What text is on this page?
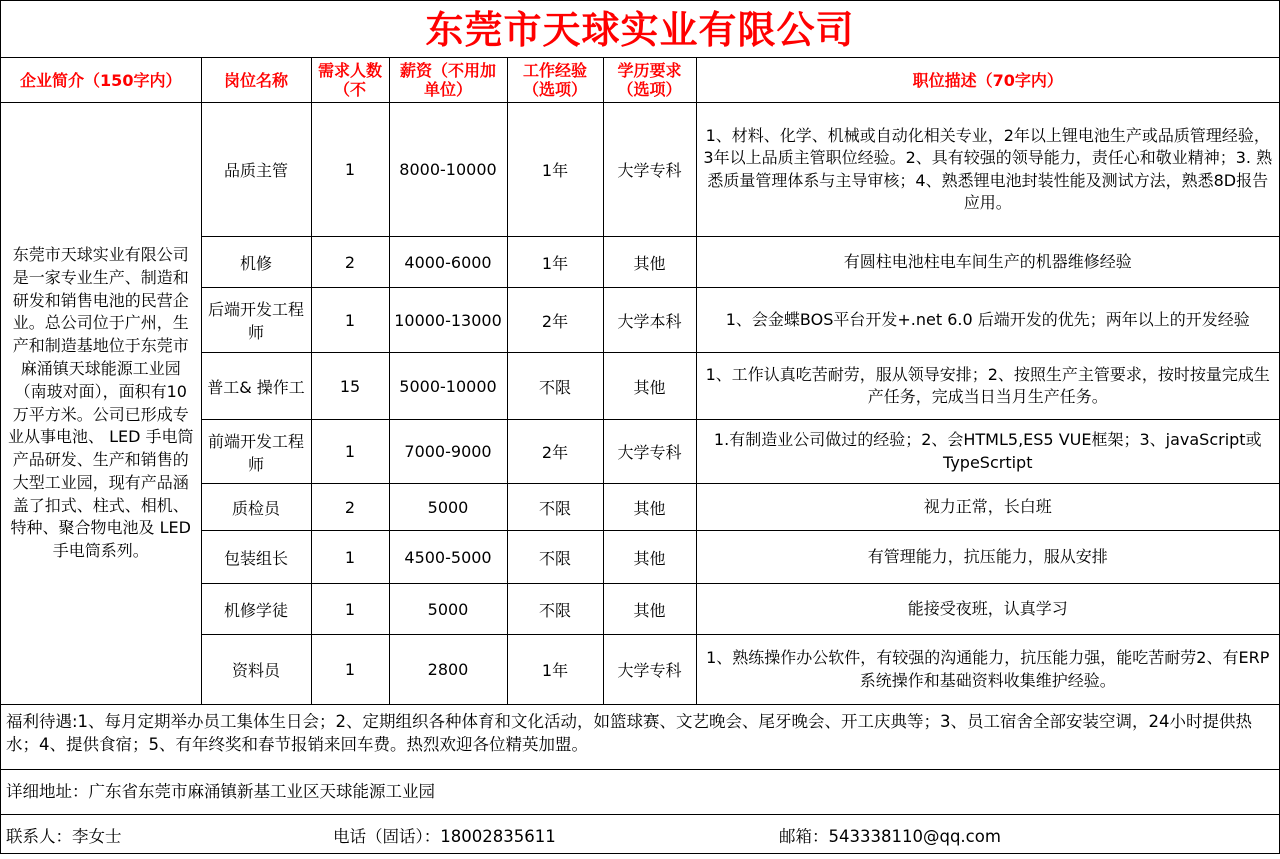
东莞市天球实业有限公司
企业简介（150字内）	岗位名称	需求人数（不	薪资（不用加单位）	工作经验（选项）	学历要求（选项）	职位描述（70字内）

东莞市天球实业有限公司是一家专业生产、制造和研发和销售电池的民营企业。总公司位于广州，生产和制造基地位于东莞市麻涌镇天球能源工业园（南玻对面），面积有10 万平方米。公司已形成专业从事电池、 LED 手电筒产品研发、生产和销售的大型工业园，现有产品涵盖了扣式、柱式、相机、特种、聚合物电池及 LED 手电筒系列。	品质主管	1	8000-10000	1年	大学专科	1、材料、化学、机械或自动化相关专业，2年以上锂电池生产或品质管理经验，3年以上品质主管职位经验。2、具有较强的领导能力，责任心和敬业精神；3. 熟悉质量管理体系与主导审核；4、熟悉锂电池封装性能及测试方法，熟悉8D报告应用。
	机修	2	4000-6000	1年	其他	有圆柱电池柱电车间生产的机器维修经验
	后端开发工程师	1	10000-13000	2年	大学本科	1、会金蝶BOS平台开发+.net 6.0 后端开发的优先；两年以上的开发经验
	普工& 操作工	15	5000-10000	不限	其他	1、工作认真吃苦耐劳，服从领导安排；2、按照生产主管要求，按时按量完成生产任务，完成当日当月生产任务。
	前端开发工程师	1	7000-9000	2年	大学专科	1.有制造业公司做过的经验；2、会HTML5,ES5 VUE框架；3、javaScript或TypeScrtipt
	质检员	2	5000	不限	其他	视力正常，长白班
	包装组长	1	4500-5000	不限	其他	有管理能力，抗压能力，服从安排
	机修学徒	1	5000	不限	其他	能接受夜班，认真学习
	资料员	1	2800	1年	大学专科	1、熟练操作办公软件，有较强的沟通能力，抗压能力强，能吃苦耐劳2、有ERP系统操作和基础资料收集维护经验。
福利待遇:1、每月定期举办员工集体生日会；2、定期组织各种体育和文化活动，如篮球赛、文艺晚会、尾牙晚会、开工庆典等；3、员工宿舍全部安装空调，24小时提供热水；4、提供食宿；5、有年终奖和春节报销来回车费。热烈欢迎各位精英加盟。
详细地址：广东省东莞市麻涌镇新基工业区天球能源工业园
联系人：李女士	电话（固话）：18002835611	邮箱：543338110@qq.com
